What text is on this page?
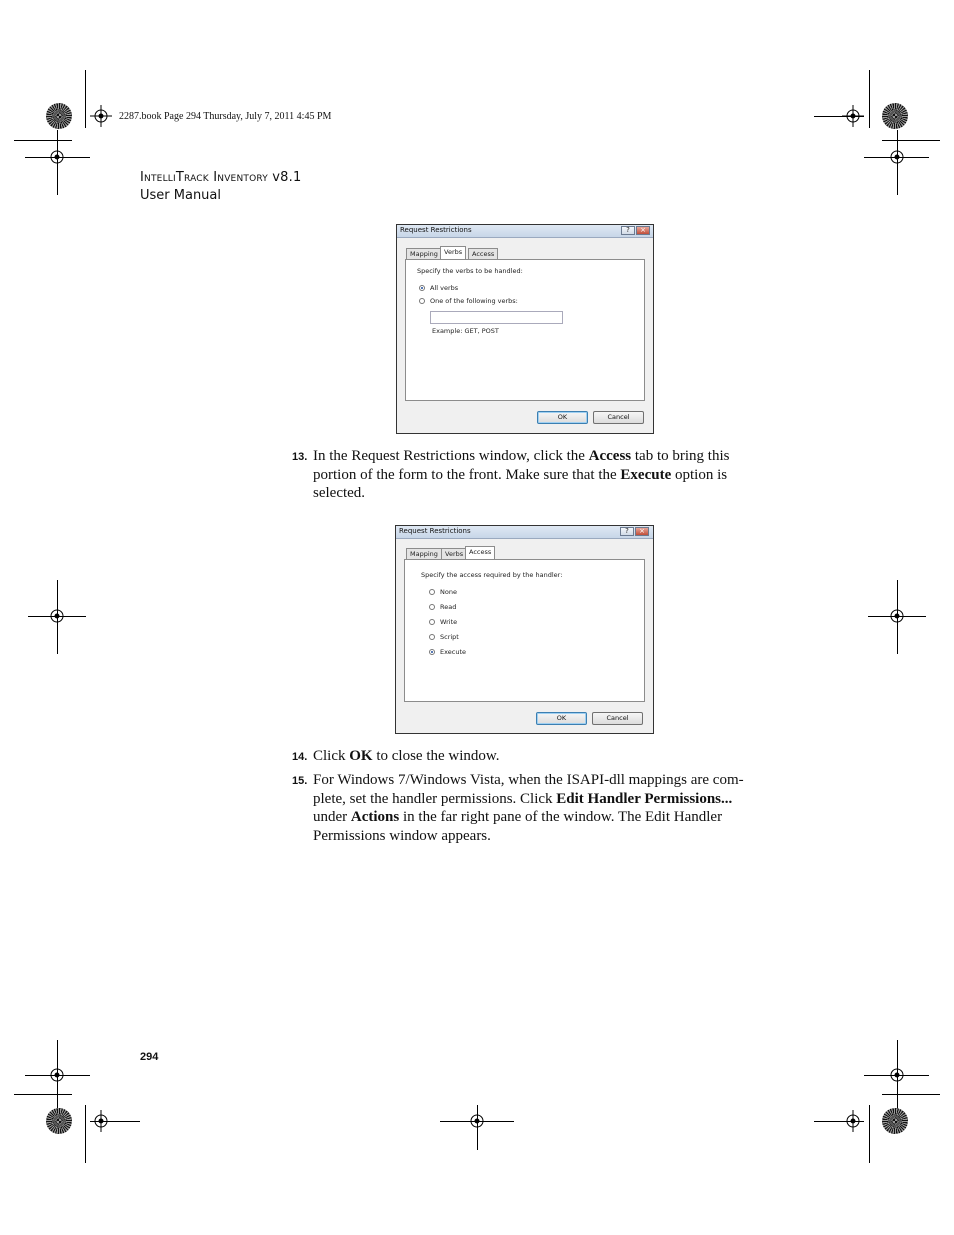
2287.book Page 294 Thursday, July 7, 2011 4:45 PM
IntelliTrack Inventory v8.1
User Manual
Request Restrictions	?	×
Mapping Verbs	Access
Specify the verbs to be handled:
All verbs
One of the following verbs:
Example: GET, POST
OK	Cancel
13. In the Request Restrictions window, click the Access tab to bring this portion of the form to the front. Make sure that the Execute option is selected.
Request Restrictions	?	×
Mapping	Verbs Access
Specify the access required by the handler:
None
Read
Write
Script
Execute
OK	Cancel
14. Click OK to close the window.
15. For Windows 7/Windows Vista, when the ISAPI-dll mappings are com-plete, set the handler permissions. Click Edit Handler Permissions... under Actions in the far right pane of the window. The Edit Handler Permissions window appears.
294
